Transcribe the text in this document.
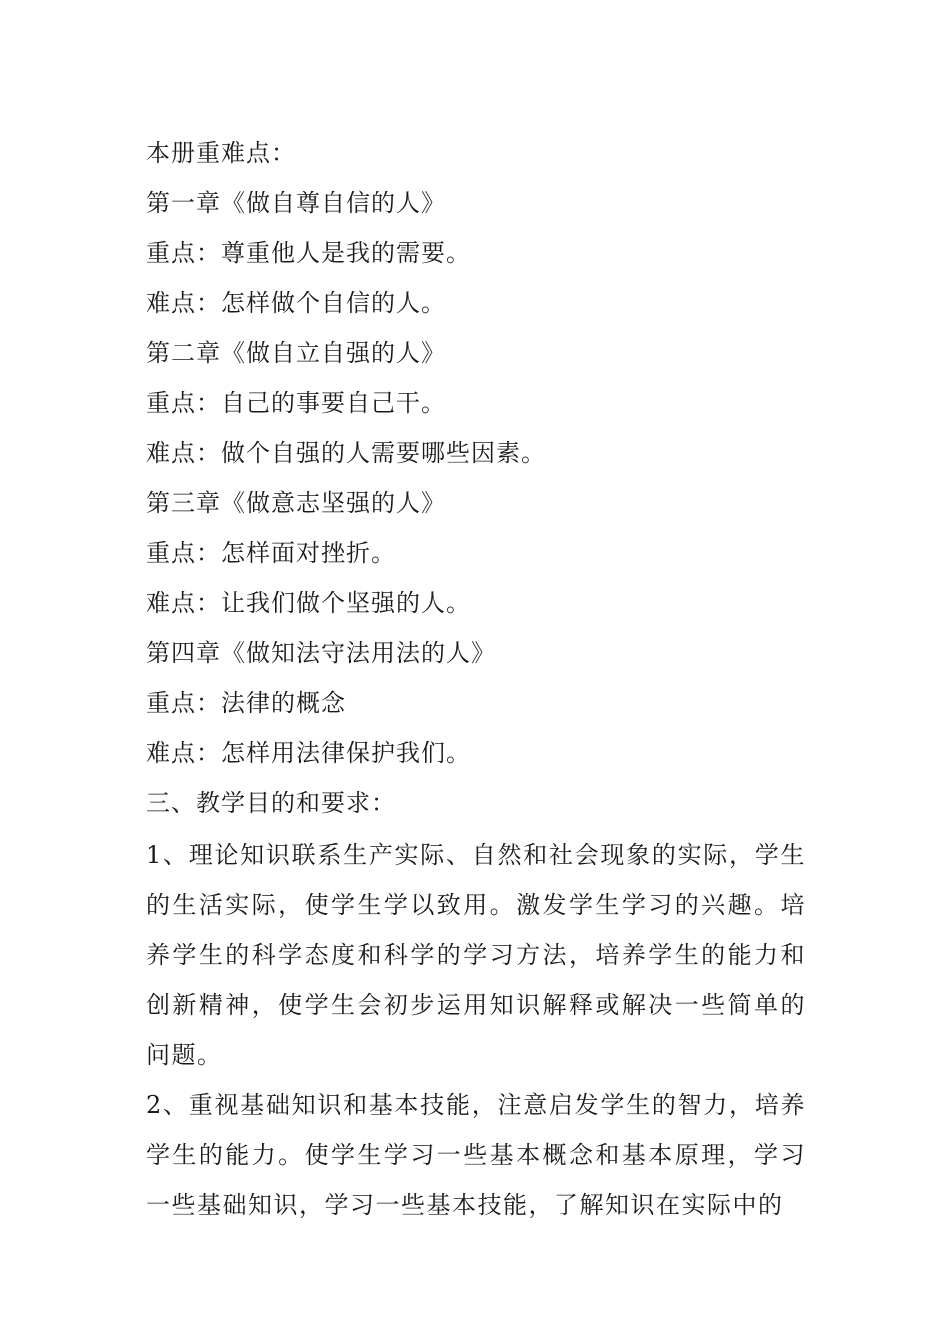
本册重难点：
第一章《做自尊自信的人》
重点：尊重他人是我的需要。
难点：怎样做个自信的人。
第二章《做自立自强的人》
重点：自己的事要自己干。
难点：做个自强的人需要哪些因素。
第三章《做意志坚强的人》
重点：怎样面对挫折。
难点：让我们做个坚强的人。
第四章《做知法守法用法的人》
重点：法律的概念
难点：怎样用法律保护我们。
三、教学目的和要求：
1、理论知识联系生产实际、自然和社会现象的实际，学生的生活实际，使学生学以致用。激发学生学习的兴趣。培养学生的科学态度和科学的学习方法，培养学生的能力和创新精神，使学生会初步运用知识解释或解决一些简单的问题。
2、重视基础知识和基本技能，注意启发学生的智力，培养学生的能力。使学生学习一些基本概念和基本原理，学习一些基础知识，学习一些基本技能，了解知识在实际中的
